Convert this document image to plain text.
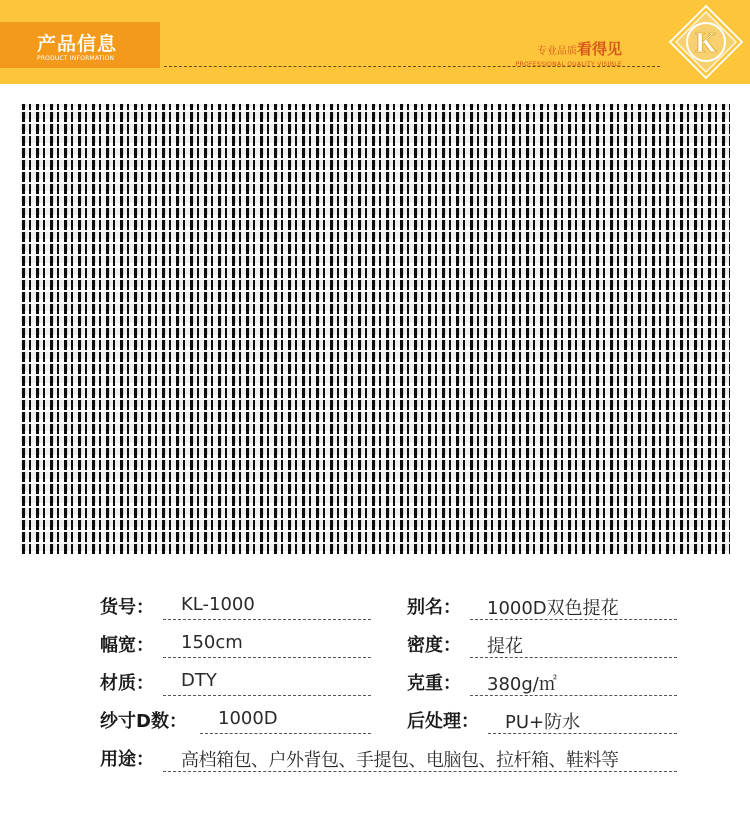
产品信息
PRODUCT INFORMATION
专业品质看得见
PROFESSIONAL QUALITY VISIBLE
K
货号： KL-1000	别名： 1000D双色提花
幅宽： 150cm	密度： 提花
材质： DTY	克重： 380g/㎡
纱寸D数： 1000D	后处理： PU+防水
用途： 高档箱包、户外背包、手提包、电脑包、拉杆箱、鞋料等
